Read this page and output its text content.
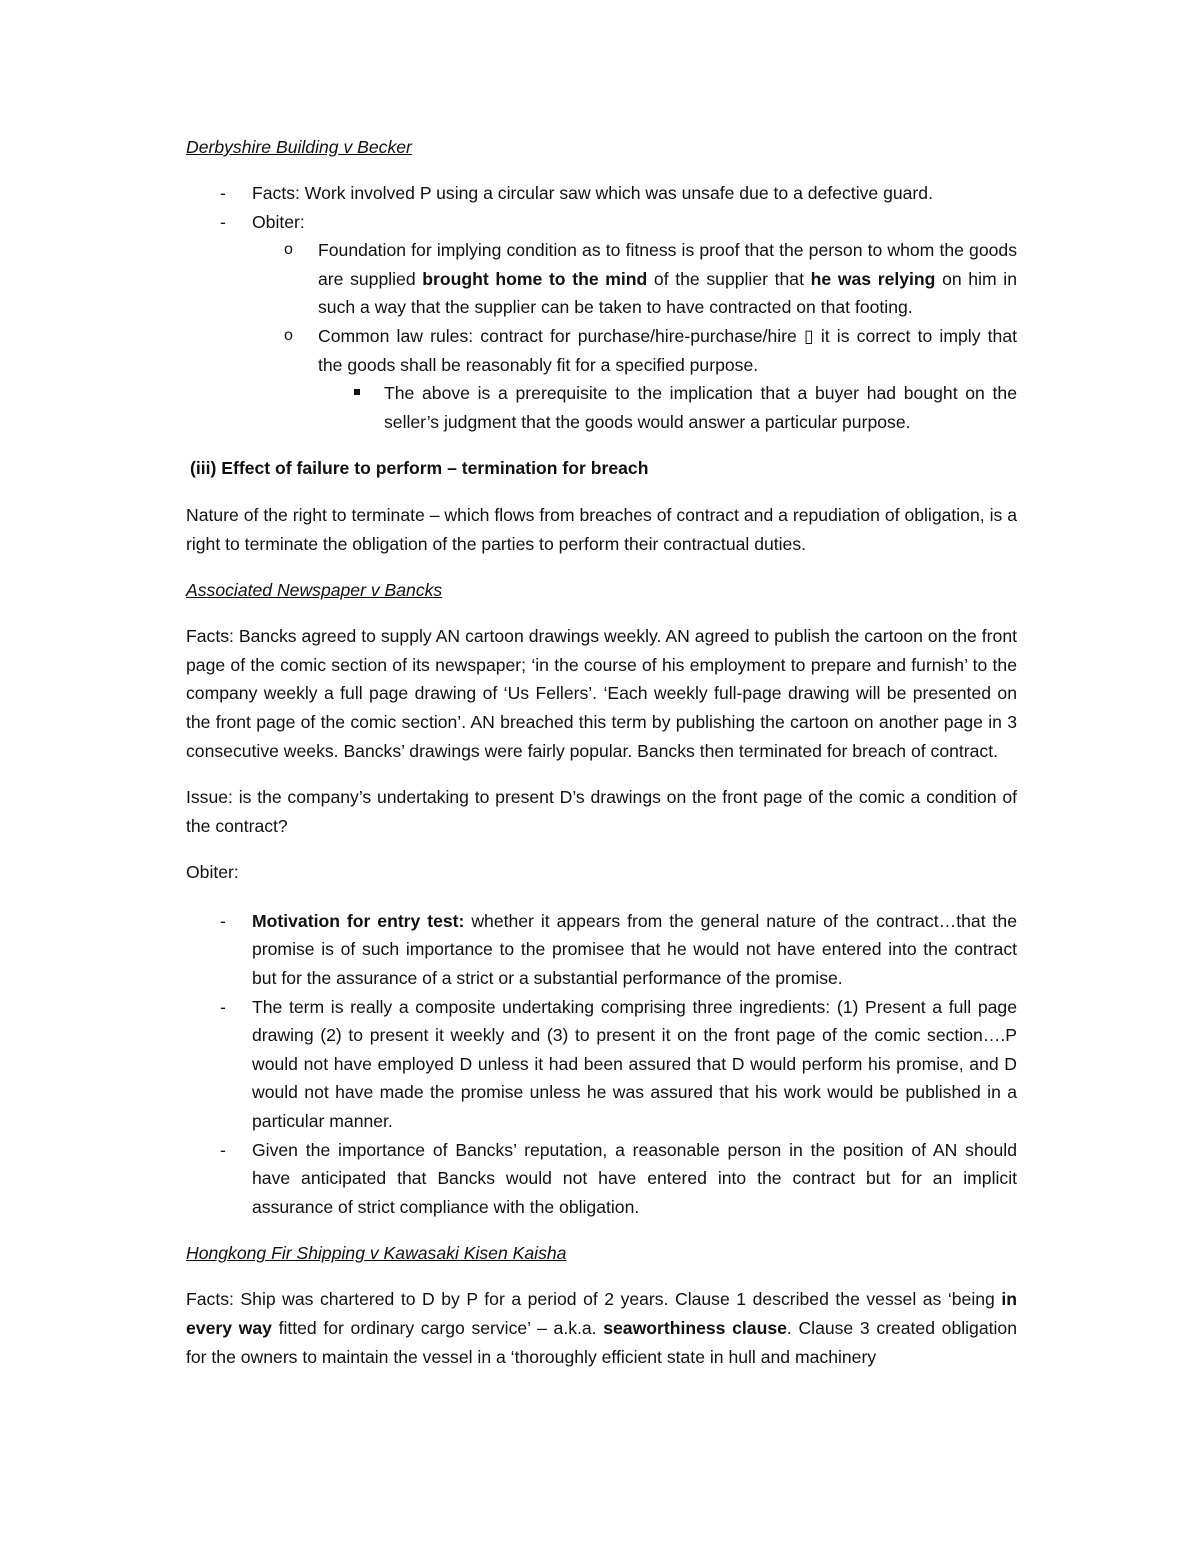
Derbyshire Building v Becker
- Facts: Work involved P using a circular saw which was unsafe due to a defective guard.
- Obiter:
o Foundation for implying condition as to fitness is proof that the person to whom the goods are supplied brought home to the mind of the supplier that he was relying on him in such a way that the supplier can be taken to have contracted on that footing.
o Common law rules: contract for purchase/hire-purchase/hire ▯ it is correct to imply that the goods shall be reasonably fit for a specified purpose.
The above is a prerequisite to the implication that a buyer had bought on the seller’s judgment that the goods would answer a particular purpose.
(iii) Effect of failure to perform – termination for breach
Nature of the right to terminate – which flows from breaches of contract and a repudiation of obligation, is a right to terminate the obligation of the parties to perform their contractual duties.
Associated Newspaper v Bancks
Facts: Bancks agreed to supply AN cartoon drawings weekly. AN agreed to publish the cartoon on the front page of the comic section of its newspaper; ‘in the course of his employment to prepare and furnish’ to the company weekly a full page drawing of ‘Us Fellers’. ‘Each weekly full-page drawing will be presented on the front page of the comic section’. AN breached this term by publishing the cartoon on another page in 3 consecutive weeks. Bancks’ drawings were fairly popular. Bancks then terminated for breach of contract.
Issue: is the company’s undertaking to present D’s drawings on the front page of the comic a condition of the contract?
Obiter:
- Motivation for entry test: whether it appears from the general nature of the contract…that the promise is of such importance to the promisee that he would not have entered into the contract but for the assurance of a strict or a substantial performance of the promise.
- The term is really a composite undertaking comprising three ingredients: (1) Present a full page drawing (2) to present it weekly and (3) to present it on the front page of the comic section….P would not have employed D unless it had been assured that D would perform his promise, and D would not have made the promise unless he was assured that his work would be published in a particular manner.
- Given the importance of Bancks’ reputation, a reasonable person in the position of AN should have anticipated that Bancks would not have entered into the contract but for an implicit assurance of strict compliance with the obligation.
Hongkong Fir Shipping v Kawasaki Kisen Kaisha
Facts: Ship was chartered to D by P for a period of 2 years. Clause 1 described the vessel as ‘being in every way fitted for ordinary cargo service’ – a.k.a. seaworthiness clause. Clause 3 created obligation for the owners to maintain the vessel in a ‘thoroughly efficient state in hull and machinery
